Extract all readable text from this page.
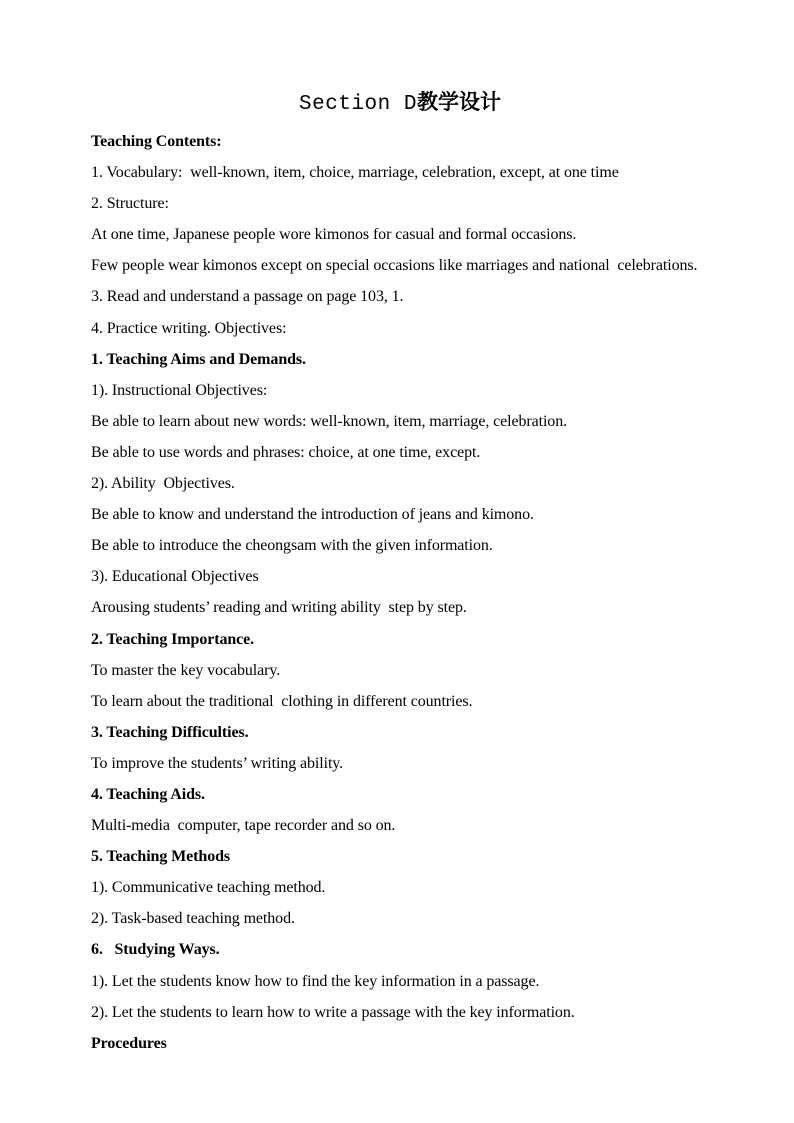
Section D教学设计

Teaching Contents:

1. Vocabulary:  well-known, item, choice, marriage, celebration, except, at one time

2. Structure:

At one time, Japanese people wore kimonos for casual and formal occasions.

Few people wear kimonos except on special occasions like marriages and national  celebrations.

3. Read and understand a passage on page 103, 1.

4. Practice writing. Objectives:

1. Teaching Aims and Demands.

1). Instructional Objectives:

Be able to learn about new words: well-known, item, marriage, celebration.

Be able to use words and phrases: choice, at one time, except.

2). Ability  Objectives.

Be able to know and understand the introduction of jeans and kimono.

Be able to introduce the cheongsam with the given information.

3). Educational Objectives

Arousing students’ reading and writing ability  step by step.

2. Teaching Importance.

To master the key vocabulary.

To learn about the traditional  clothing in different countries.

3. Teaching Difficulties.

To improve the students’ writing ability.

4. Teaching Aids.

Multi-media  computer, tape recorder and so on.

5. Teaching Methods

1). Communicative teaching method.

2). Task-based teaching method.

6.   Studying Ways.

1). Let the students know how to find the key information in a passage.

2). Let the students to learn how to write a passage with the key information.

Procedures
